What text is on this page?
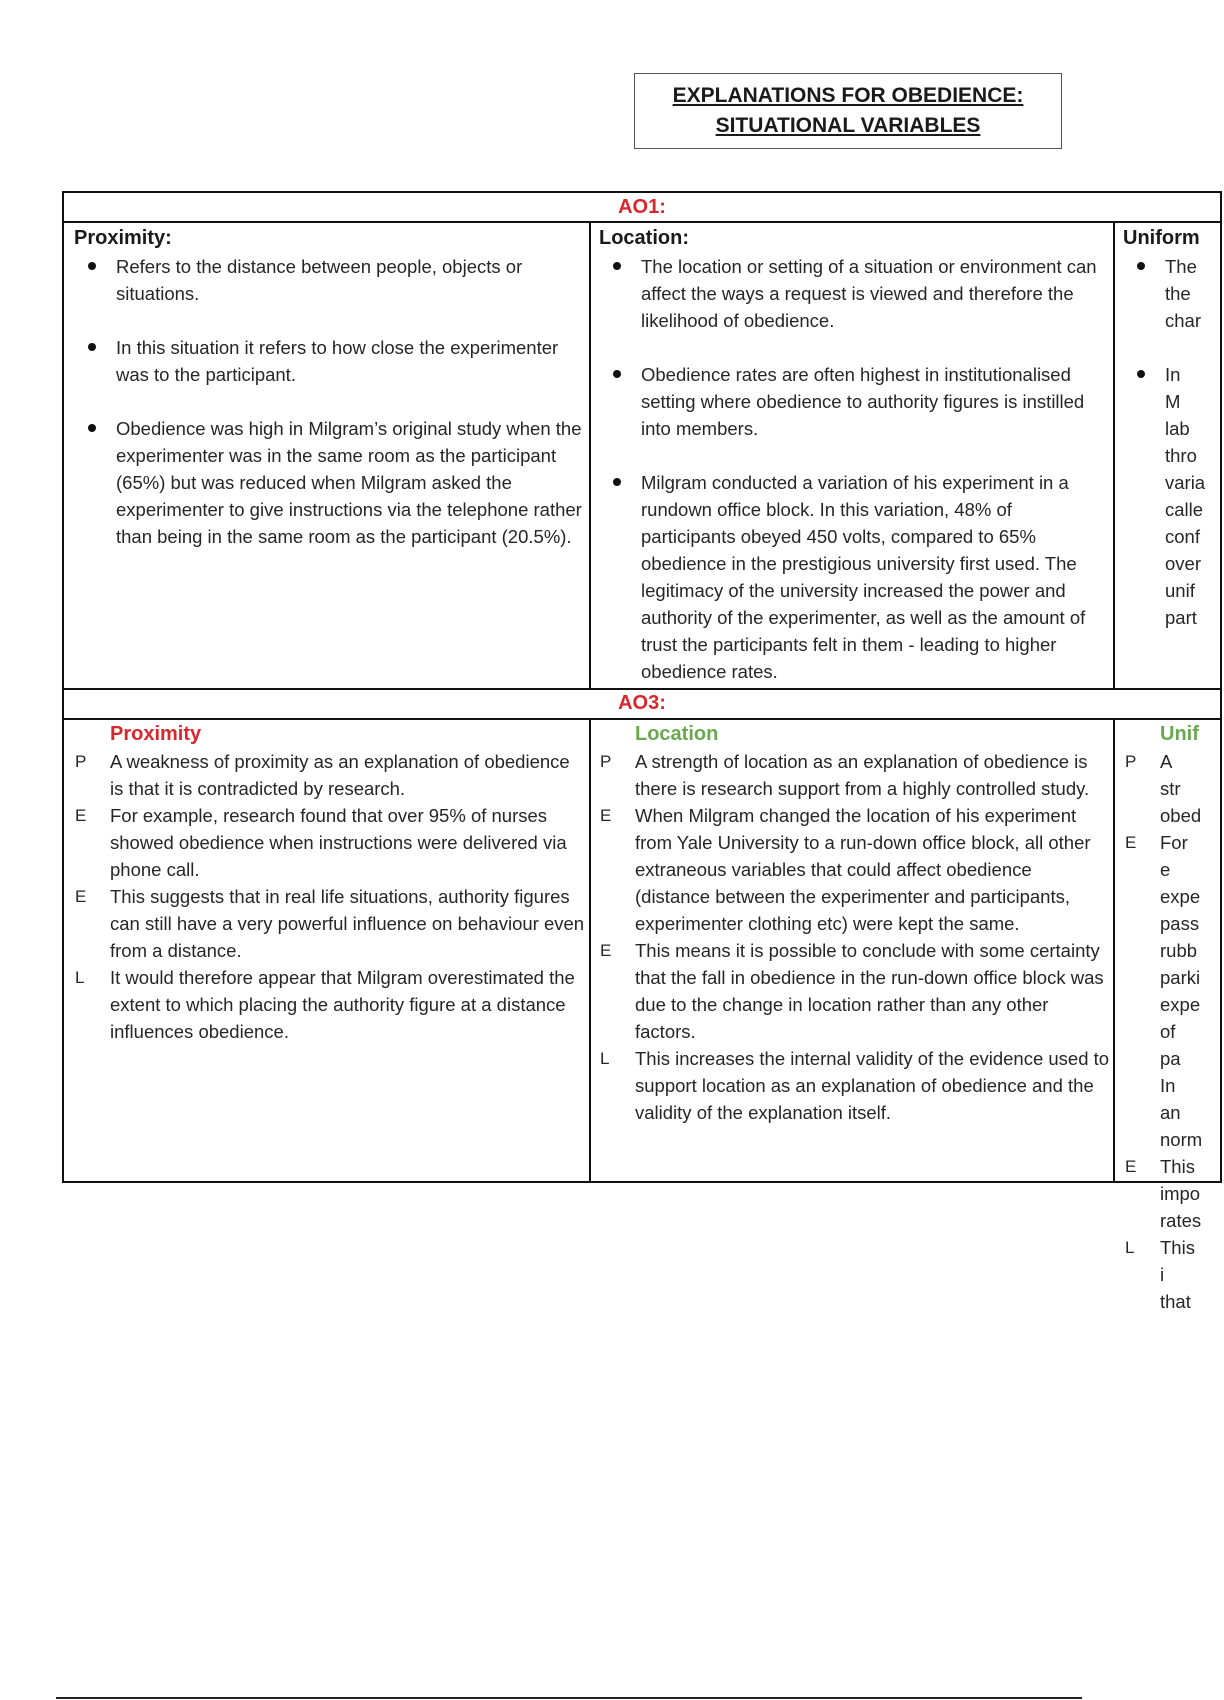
EXPLANATIONS FOR OBEDIENCE:
SITUATIONAL VARIABLES
AO1:
Proximity:
Refers to the distance between people, objects or situations.
In this situation it refers to how close the experimenter was to the participant.
Obedience was high in Milgram’s original study when the experimenter was in the same room as the participant (65%) but was reduced when Milgram asked the experimenter to give instructions via the telephone rather than being in the same room as the participant (20.5%).
Location:
The location or setting of a situation or environment can affect the ways a request is viewed and therefore the likelihood of obedience.
Obedience rates are often highest in institutionalised setting where obedience to authority figures is instilled into members.
Milgram conducted a variation of his experiment in a rundown office block. In this variation, 48% of participants obeyed 450 volts, compared to 65% obedience in the prestigious university first used. The legitimacy of the university increased the power and authority of the experimenter, as well as the amount of trust the participants felt in them - leading to higher obedience rates.
Uniform
The the char
In M lab thro varia calle conf over unif part
AO3:
Proximity
P A weakness of proximity as an explanation of obedience is that it is contradicted by research.
E For example, research found that over 95% of nurses showed obedience when instructions were delivered via phone call.
E This suggests that in real life situations, authority figures can still have a very powerful influence on behaviour even from a distance.
L It would therefore appear that Milgram overestimated the extent to which placing the authority figure at a distance influences obedience.
Location
P A strength of location as an explanation of obedience is there is research support from a highly controlled study.
E When Milgram changed the location of his experiment from Yale University to a run-down office block, all other extraneous variables that could affect obedience (distance between the experimenter and participants, experimenter clothing etc) were kept the same.
E This means it is possible to conclude with some certainty that the fall in obedience in the run-down office block was due to the change in location rather than any other factors.
L This increases the internal validity of the evidence used to support location as an explanation of obedience and the validity of the explanation itself.
Unif
P A str obed
E For e expe pass rubb parki expe of pa In an norm
E This impo rates
L This i that
